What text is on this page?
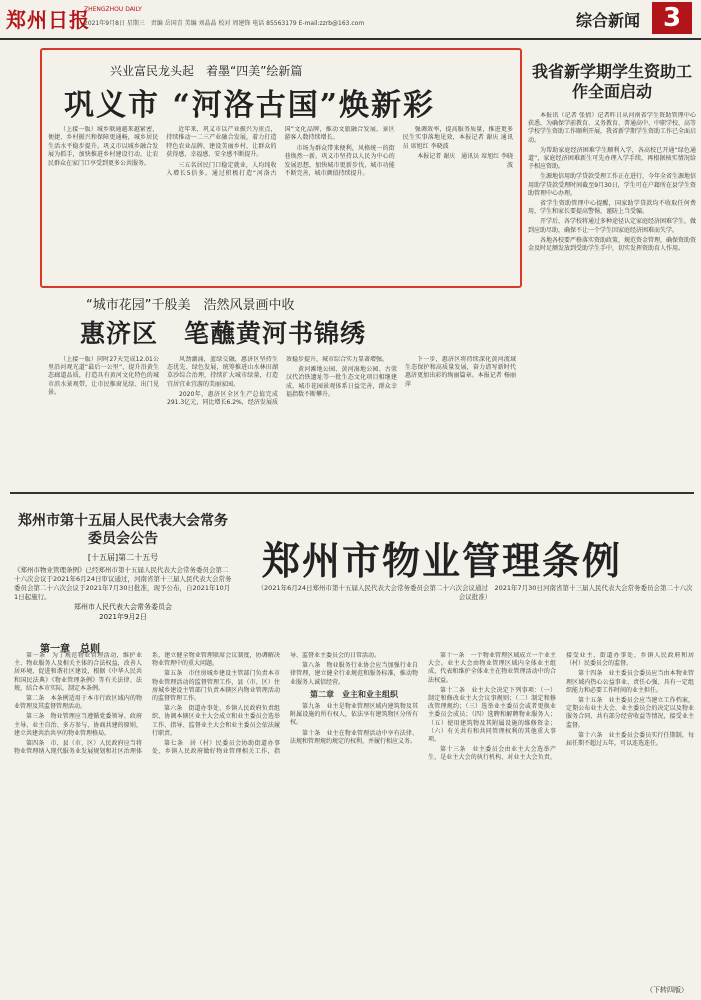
郑州日报
ZHENGZHOU DAILY
2021年9月8日 星期三　责编 岳国青 美编 刘晶晶 校对 周建锋 电话 85563179 E-mail:zzrb@163.com	综合新闻 3
兴业富民龙头起　着墨“四美”绘新篇
巩义市 “河洛古国”焕新彩

（上接一版）城乡联通越来越紧密，便捷、乡村振兴和保障更通畅，城乡居民生活水平稳步提升。巩义市以城乡融合发展为抓手，加快推进乡村建设行动，让农民群众在家门口享受到更多公共服务。

近年来，巩义市以产业振兴为重点，持续推动一二三产业融合发展，着力打造特色农业品牌，建设美丽乡村，让群众的获得感、幸福感、安全感不断提升。

三五名居民门口稳定就业，人均纯收入增长5倍多。通过积极打造“河洛古国”文化品牌，推动文旅融合发展，景区游客人数持续增长。

市场为群众带来便利，风格统一的街巷焕然一新。巩义市坚持以人民为中心的发展思想，加快城市更新步伐，城市功能不断完善，城市颜值持续提升。

强调效率，提高服务质量，推进更多民生实事落地见效，本报记者 谢庆 通讯员 席旭红 李晓波

本报记者 谢庆　通讯员 席旭红 李晓波

我省新学期学生资助工作全面启动

本报讯（记者 张倩）记者昨日从河南省学生资助管理中心获悉，为确保学前教育、义务教育、普通高中、中职学校、高等学校学生资助工作顺利开展，我省新学期学生资助工作已全面启动。

为帮助家庭经济困难学生顺利入学，各高校已开通“绿色通道”，家庭经济困难新生可先办理入学手续，再根据核实情况给予相应资助。

生源地信用助学贷款受理工作正在进行，今年全省生源地信用助学贷款受理时间截至9月30日，学生可在户籍所在县学生资助管理中心办理。

省学生资助管理中心提醒，国家助学贷款均不收取任何费用，学生和家长要提高警惕，谨防上当受骗。

开学后，各学校将通过多种途径认定家庭经济困难学生，做到应助尽助，确保不让一个学生因家庭经济困难而失学。

各地各校要严格落实资助政策，规范资金管理，确保资助资金及时足额发放到受助学生手中，切实发挥资助育人作用。

“城市花园”千般美　浩然风景画中收
惠济区　笔蘸黄河书锦绣

（上接一版）同时27天完成12.01公里沿河观光道“最后一公里”，提升沿黄生态廊道品质，打造具有黄河文化特色的城市滨水景观带，让市民推窗见绿、出门见景。

风劲潮涌，蓝绿交融，惠济区坚持生态优先、绿色发展，统筹推进山水林田湖草沙综合治理，持续扩大城市绿量，打造宜居宜业宜游的美丽家园。

2020年，惠济区全区生产总值完成291.3亿元，同比增长6.2%，经济发展质效稳步提升，城市综合实力显著增强。

黄河滩地公园、黄河湿地公园、古荥汉代冶铁遗址等一批生态文化项目相继建成，城市花园景观体系日益完善，群众幸福指数不断攀升。

下一步，惠济区将持续深化黄河流域生态保护和高质量发展，奋力谱写新时代惠济更加出彩的绚丽篇章。本报记者 杨丽萍

郑州市第十五届人民代表大会常务委员会公告
[十五届]第二十五号
《郑州市物业管理条例》已经郑州市第十五届人民代表大会常务委员会第二十六次会议于2021年6月24日审议通过，河南省第十三届人民代表大会常务委员会第二十六次会议于2021年7月30日批准，现予公布，自2021年10月1日起施行。
郑州市人民代表大会常务委员会
2021年9月2日
郑州市物业管理条例
（2021年6月24日郑州市第十五届人民代表大会常务委员会第二十六次会议通过　2021年7月30日河南省第十三届人民代表大会常务委员会第二十六次会议批准）
第一章　总则

第一条　为了规范物业管理活动，维护业主、物业服务人及相关主体的合法权益，改善人居环境，促进和谐社区建设，根据《中华人民共和国民法典》《物业管理条例》等有关法律、法规，结合本市实际，制定本条例。

第二条　本条例适用于本市行政区域内的物业管理及其监督管理活动。

第三条　物业管理应当遵循党委领导、政府主导、业主自治、多方参与、协商共建的原则，建立共建共治共享的物业管理格局。

第四条　市、县（市、区）人民政府应当将物业管理纳入现代服务业发展规划和社区治理体系，建立健全物业管理联席会议制度，协调解决物业管理中的重大问题。

第五条　市住房城乡建设主管部门负责本市物业管理活动的监督管理工作，县（市、区）住房城乡建设主管部门负责本辖区内物业管理活动的监督管理工作。

第六条　街道办事处、乡镇人民政府负责组织、协调本辖区业主大会成立和业主委员会选举工作，指导、监督业主大会和业主委员会依法履行职责。

第七条　居（村）民委员会协助街道办事处、乡镇人民政府做好物业管理相关工作，指导、监督业主委员会的日常活动。

第八条　物业服务行业协会应当加强行业自律管理，建立健全行业规范和服务标准，推动物业服务人诚信经营。

第二章　业主和业主组织

第九条　业主是物业管理区域内建筑物及其附属设施的所有权人，依法享有建筑物区分所有权。

第十条　业主在物业管理活动中享有法律、法规和管理规约规定的权利，并履行相应义务。

第十一条　一个物业管理区域成立一个业主大会。业主大会由物业管理区域内全体业主组成，代表和维护全体业主在物业管理活动中的合法权益。

第十二条　业主大会决定下列事项：（一）制定和修改业主大会议事规则；（二）制定和修改管理规约；（三）选举业主委员会或者更换业主委员会成员；（四）选聘和解聘物业服务人；（五）使用建筑物及其附属设施的维修资金；（六）有关共有和共同管理权利的其他重大事项。

第十三条　业主委员会由业主大会选举产生，是业主大会的执行机构，对业主大会负责，接受业主、街道办事处、乡镇人民政府和居（村）民委员会的监督。

第十四条　业主委员会委员应当由本物业管理区域内热心公益事业、责任心强、具有一定组织能力和必要工作时间的业主担任。

第十五条　业主委员会应当建立工作档案，定期公布业主大会、业主委员会的决定以及物业服务合同、共有部分经营收益等情况，接受业主监督。

第十六条　业主委员会委员实行任期制，每届任期不超过五年，可以连选连任。

（下转四版）
